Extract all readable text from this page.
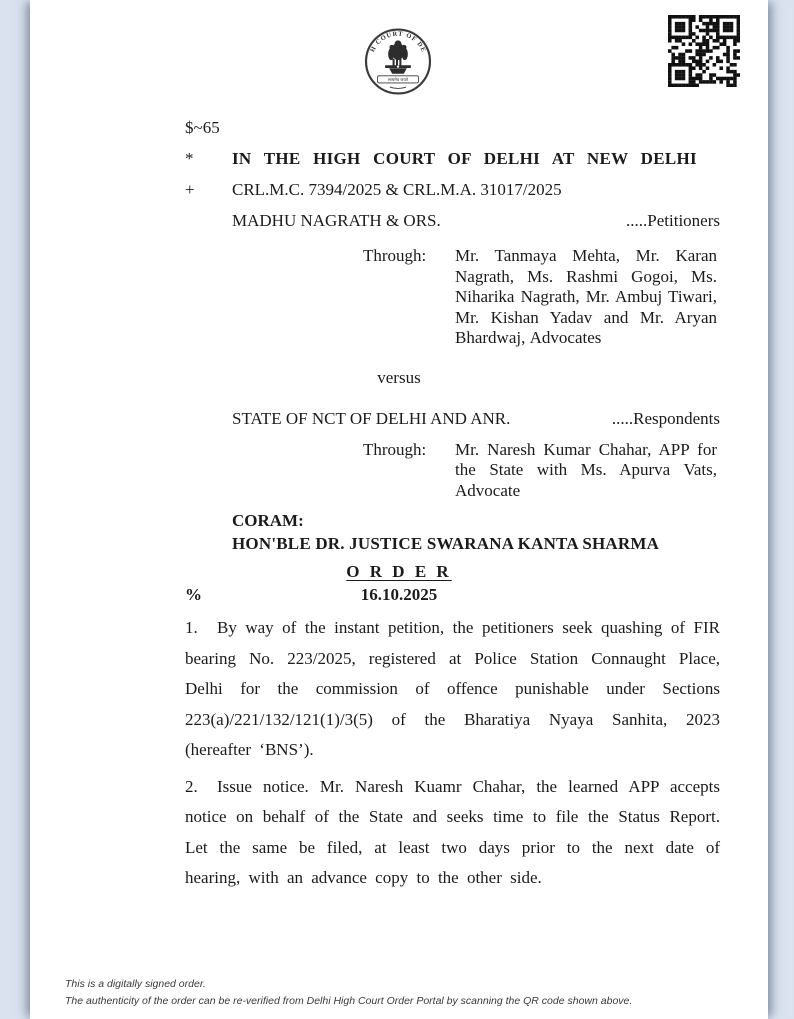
H COURT OF DE
सत्यमेव जयते
$~65
*	IN THE HIGH COURT OF DELHI AT NEW DELHI
+	CRL.M.C. 7394/2025 & CRL.M.A. 31017/2025
MADHU NAGRATH & ORS.	.....Petitioners
Through:	Mr. Tanmaya Mehta, Mr. Karan Nagrath, Ms. Rashmi Gogoi, Ms. Niharika Nagrath, Mr. Ambuj Tiwari, Mr. Kishan Yadav and Mr. Aryan Bhardwaj, Advocates
versus
STATE OF NCT OF DELHI AND ANR.	.....Respondents
Through:	Mr. Naresh Kumar Chahar, APP for the State with Ms. Apurva Vats, Advocate
CORAM:
HON'BLE DR. JUSTICE SWARANA KANTA SHARMA
O R D E R
%	16.10.2025

1. By way of the instant petition, the petitioners seek quashing of FIR bearing No. 223/2025, registered at Police Station Connaught Place, Delhi for the commission of offence punishable under Sections 223(a)/221/132/121(1)/3(5) of the Bharatiya Nyaya Sanhita, 2023 (hereafter ‘BNS’).

2. Issue notice. Mr. Naresh Kuamr Chahar, the learned APP accepts notice on behalf of the State and seeks time to file the Status Report. Let the same be filed, at least two days prior to the next date of hearing, with an advance copy to the other side.

This is a digitally signed order.
The authenticity of the order can be re-verified from Delhi High Court Order Portal by scanning the QR code shown above.
